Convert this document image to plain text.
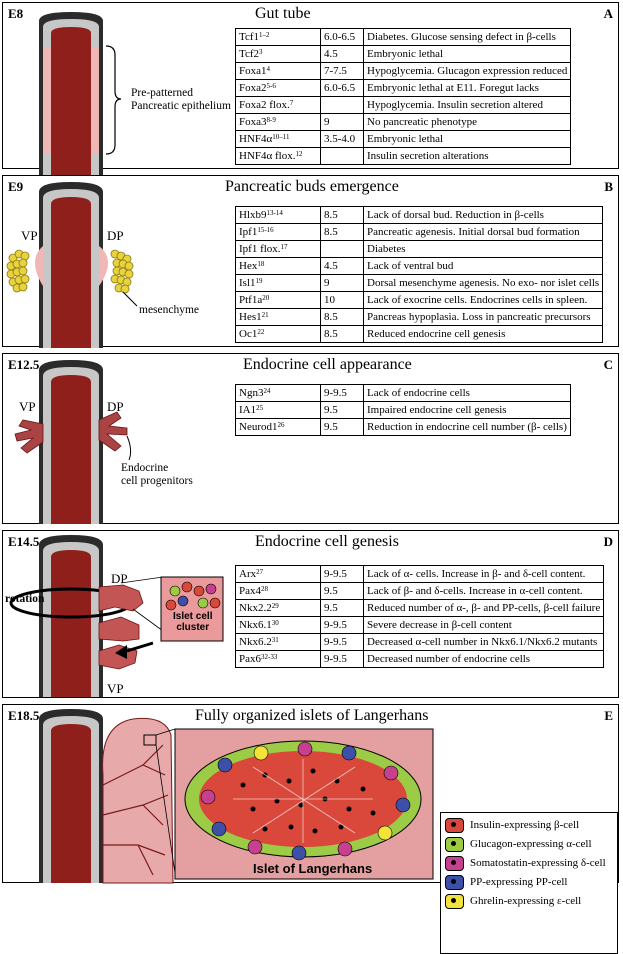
E8	A
Gut tube
Pre-patterned
Pancreatic epithelium
Tcf1$^{1-2}$	6.0-6.5	Diabetes. Glucose sensing defect in β-cells
$Tcf2^3$	4.5	Embryonic lethal
$Foxa1^4$	7-7.5	Hypoglycemia. Glucagon expression reduced
Foxa2$^{5-6}$	6.0-6.5	Embryonic lethal at E11. Foregut lacks
Foxa2 flox.$^7$		Hypoglycemia. Insulin secretion altered
Foxa3$^{8-9}$	9	No pancreatic phenotype
$HNF4\alpha^{10-11}$	3.5-4.0	Embryonic lethal
HNF4α flox.$^{12}$		Insulin secretion alterations
E9	B
Pancreatic buds emergence
VP	DP
mesenchyme
Hlxb9$^{13-14}$	8.5	Lack of dorsal bud. Reduction in β-cells
Ipf1$^{15-16}$	8.5	Pancreatic agenesis. Initial dorsal bud formation
Ipf1 flox.$^{17}$		Diabetes
Hex$^{18}$	4.5	Lack of ventral bud
$Isl1^{19}$	9	Dorsal mesenchyme agenesis. No exo- nor islet cells
$Ptf1a^{20}$	10	Lack of exocrine cells. Endocrines cells in spleen.
$Hes1^{21}$	8.5	Pancreas hypoplasia. Loss in pancreatic precursors
$Oc1^{22}$	8.5	Reduced endocrine cell genesis
E12.5	C
Endocrine cell appearance
VP	DP
Endocrine
cell progenitors
$Ngn3^{24}$	9-9.5	Lack of endocrine cells
$IA1^{25}$	9.5	Impaired endocrine cell genesis
$Neurod1^{26}$	9.5	Reduction in endocrine cell number (β- cells)
E14.5	D
Endocrine cell genesis
DP
VP
rotation
Islet cell
cluster
Arx$^{27}$	9-9.5	Lack of α- cells. Increase in β- and δ-cell content.
$Pax4^{28}$	9.5	Lack of β- and δ-cells. Increase in α-cell content.
$Nkx2.2^{29}$	9.5	Reduced number of α-, β- and PP-cells, β-cell failure
$Nkx6.1^{30}$	9-9.5	Severe decrease in β-cell content
$Nkx6.2^{31}$	9-9.5	Decreased α-cell number in Nkx6.1/Nkx6.2 mutants
Pax6$^{32-33}$	9-9.5	Decreased number of endocrine cells
E18.5	E
Fully organized islets of Langerhans
Islet of Langerhans
Insulin-expressing β-cell
Glucagon-expressing α-cell
Somatostatin-expressing δ-cell
PP-expressing PP-cell
Ghrelin-expressing ε-cell
